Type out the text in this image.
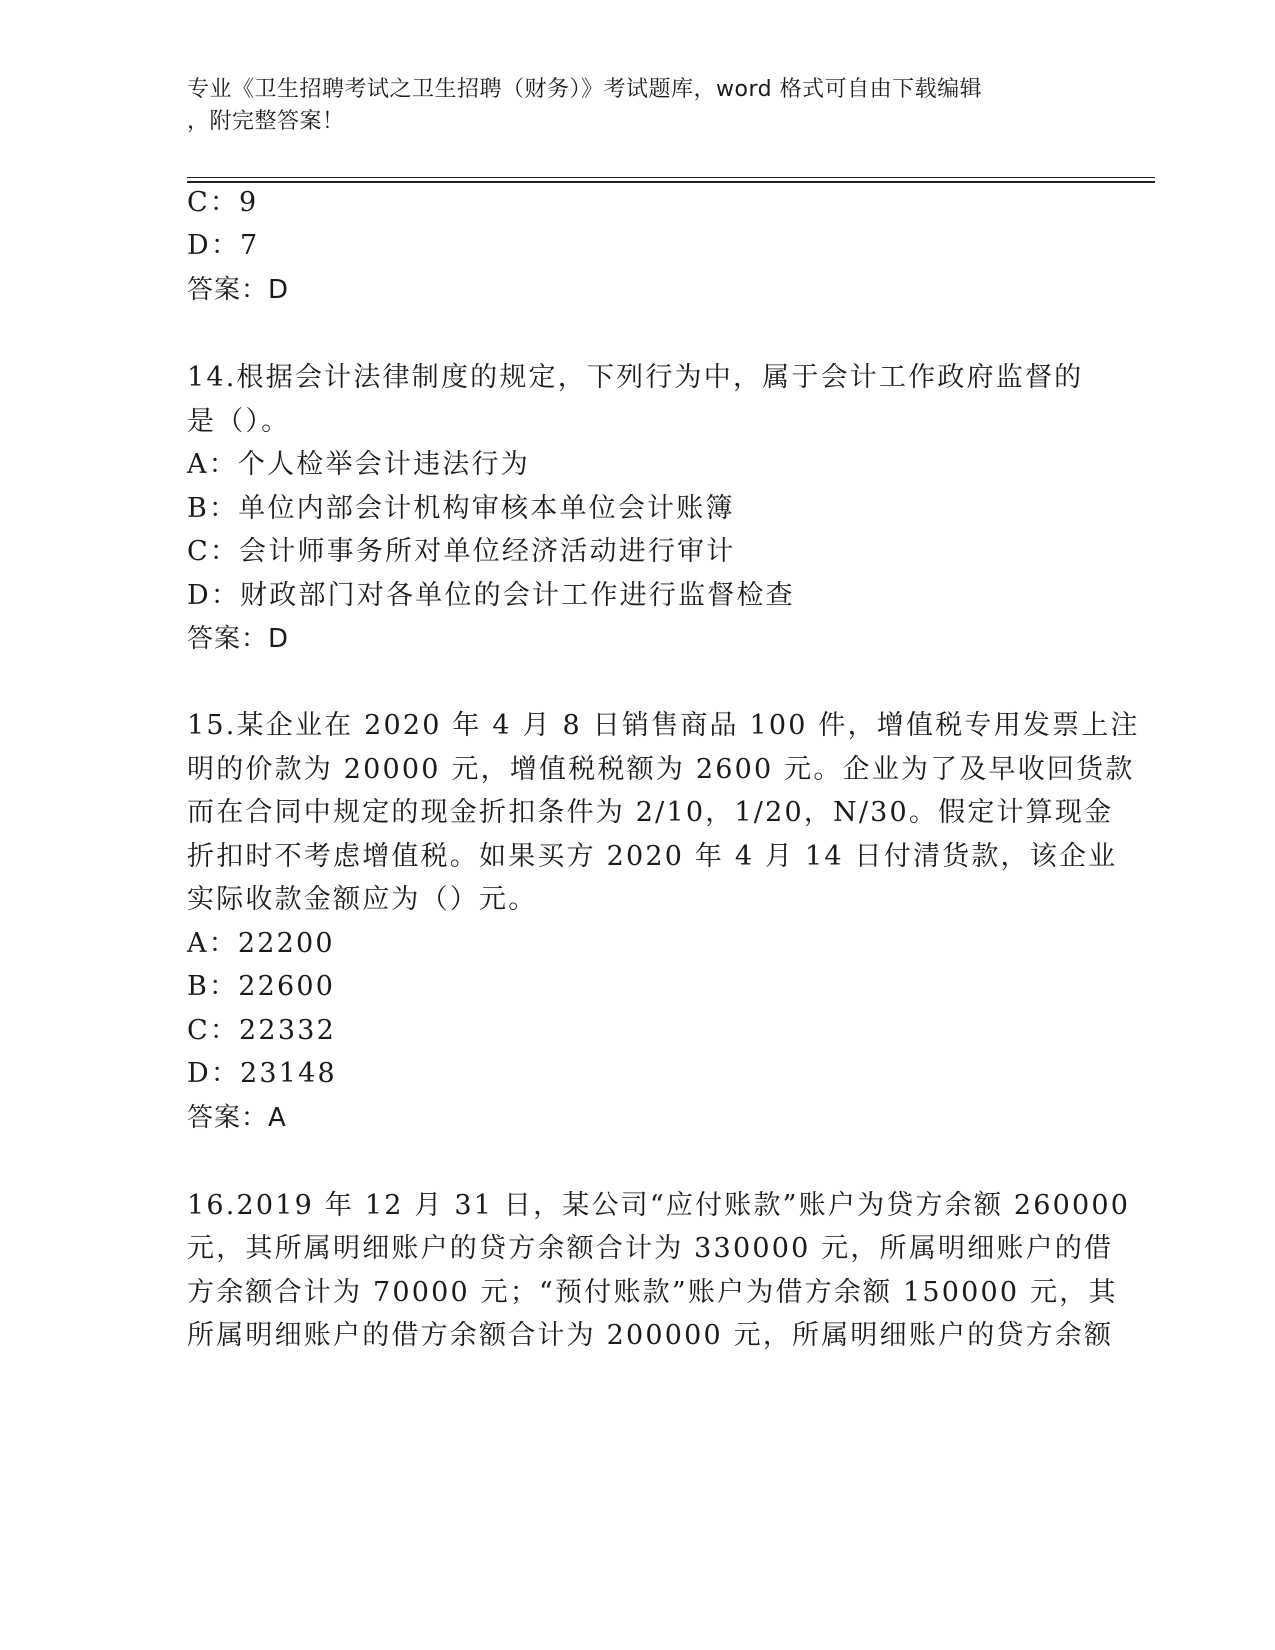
专业《卫生招聘考试之卫生招聘（财务）》考试题库，word 格式可自由下载编辑
，附完整答案！
C：9
D：7
答案：D
14.根据会计法律制度的规定，下列行为中，属于会计工作政府监督的
是（）。
A：个人检举会计违法行为
B：单位内部会计机构审核本单位会计账簿
C：会计师事务所对单位经济活动进行审计
D：财政部门对各单位的会计工作进行监督检查
答案：D
15.某企业在 2020 年 4 月 8 日销售商品 100 件，增值税专用发票上注
明的价款为 20000 元，增值税税额为 2600 元。企业为了及早收回货款
而在合同中规定的现金折扣条件为 2/10，1/20，N/30。假定计算现金
折扣时不考虑增值税。如果买方 2020 年 4 月 14 日付清货款，该企业
实际收款金额应为（）元。
A：22200
B：22600
C：22332
D：23148
答案：A
16.2019 年 12 月 31 日，某公司“应付账款”账户为贷方余额 260000
元，其所属明细账户的贷方余额合计为 330000 元，所属明细账户的借
方余额合计为 70000 元；“预付账款”账户为借方余额 150000 元，其
所属明细账户的借方余额合计为 200000 元，所属明细账户的贷方余额
